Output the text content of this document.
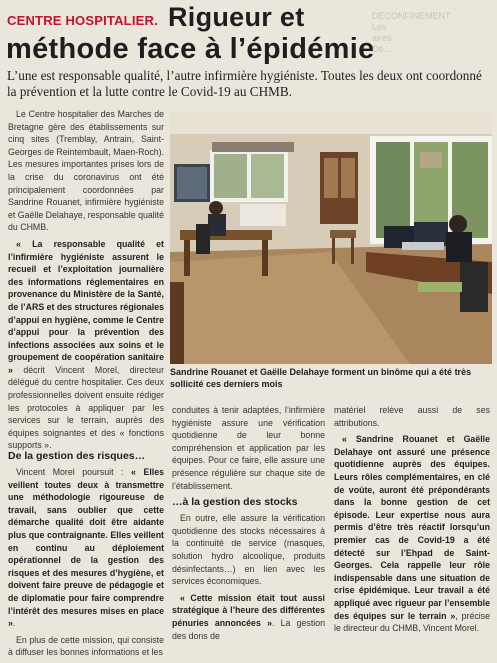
CENTRE HOSPITALIER. Rigueur et
méthode face à l’épidémie
DÉCONFINEMENT
Les
aires
Dé...
L’une est responsable qualité, l’autre infirmière hygiéniste. Toutes les deux ont coordonné la prévention et la lutte contre le Covid-19 au CHMB.

Le Centre hospitalier des Marches de Bretagne gère des établissements sur cinq sites (Tremblay, Antrain, Saint-Georges de Reintembault, Maen-Roch). Les mesures importantes prises lors de la crise du coronavirus ont été principalement coordonnées par Sandrine Rouanet, infirmière hygiéniste et Gaëlle Delahaye, responsable qualité du CHMB.

« La responsable qualité et l’infirmière hygiéniste assurent le recueil et l’exploitation journalière des informations réglementaires en provenance du Ministère de la Santé, de l’ARS et des structures régionales d’appui en hygiène, comme le Centre d’appui pour la prévention des infections associées aux soins et le groupement de coopération sanitaire » décrit Vincent Morel, directeur délégué du centre hospitalier. Ces deux professionnelles doivent ensuite rédiger les protocoles à appliquer par les services sur le terrain, auprès des équipes soignantes et des « fonctions supports ».

De la gestion des risques…

Vincent Morel poursuit : « Elles veillent toutes deux à transmettre une méthodologie rigoureuse de travail, sans oublier que cette démarche qualité doit être aidante plus que contraignante. Elles veillent en continu au déploiement opérationnel de la gestion des risques et des mesures d’hygiène, et doivent faire preuve de pédagogie et de diplomatie pour faire comprendre l’intérêt des mesures mises en place ».

En plus de cette mission, qui consiste à diffuser les bonnes informations et les

Sandrine Rouanet et Gaëlle Delahaye forment un binôme qui a été très sollicité ces derniers mois

conduites à tenir adaptées, l’infirmière hygiéniste assure une vérification quotidienne de leur bonne compréhension et application par les équipes. Pour ce faire, elle assure une présence régulière sur chaque site de l’établissement.

…à la gestion des stocks

En outre, elle assure la vérification quotidienne des stocks nécessaires à la continuité de service (masques, solution hydro alcoolique, produits désinfectants…) en lien avec les services économiques.

« Cette mission était tout aussi stratégique à l’heure des différentes pénuries annoncées ». La gestion des dons de

matériel relève aussi de ses attributions.

« Sandrine Rouanet et Gaëlle Delahaye ont assuré une présence quotidienne auprès des équipes. Leurs rôles complémentaires, en clé de voûte, auront été prépondérants dans la bonne gestion de cet épisode. Leur expertise nous aura permis d’être très réactif lorsqu’un premier cas de Covid-19 a été détecté sur l’Ehpad de Saint-Georges. Cela rappelle leur rôle indispensable dans une situation de crise épidémique. Leur travail a été appliqué avec rigueur par l’ensemble des équipes sur le terrain », précise le directeur du CHMB, Vincent Morel.
